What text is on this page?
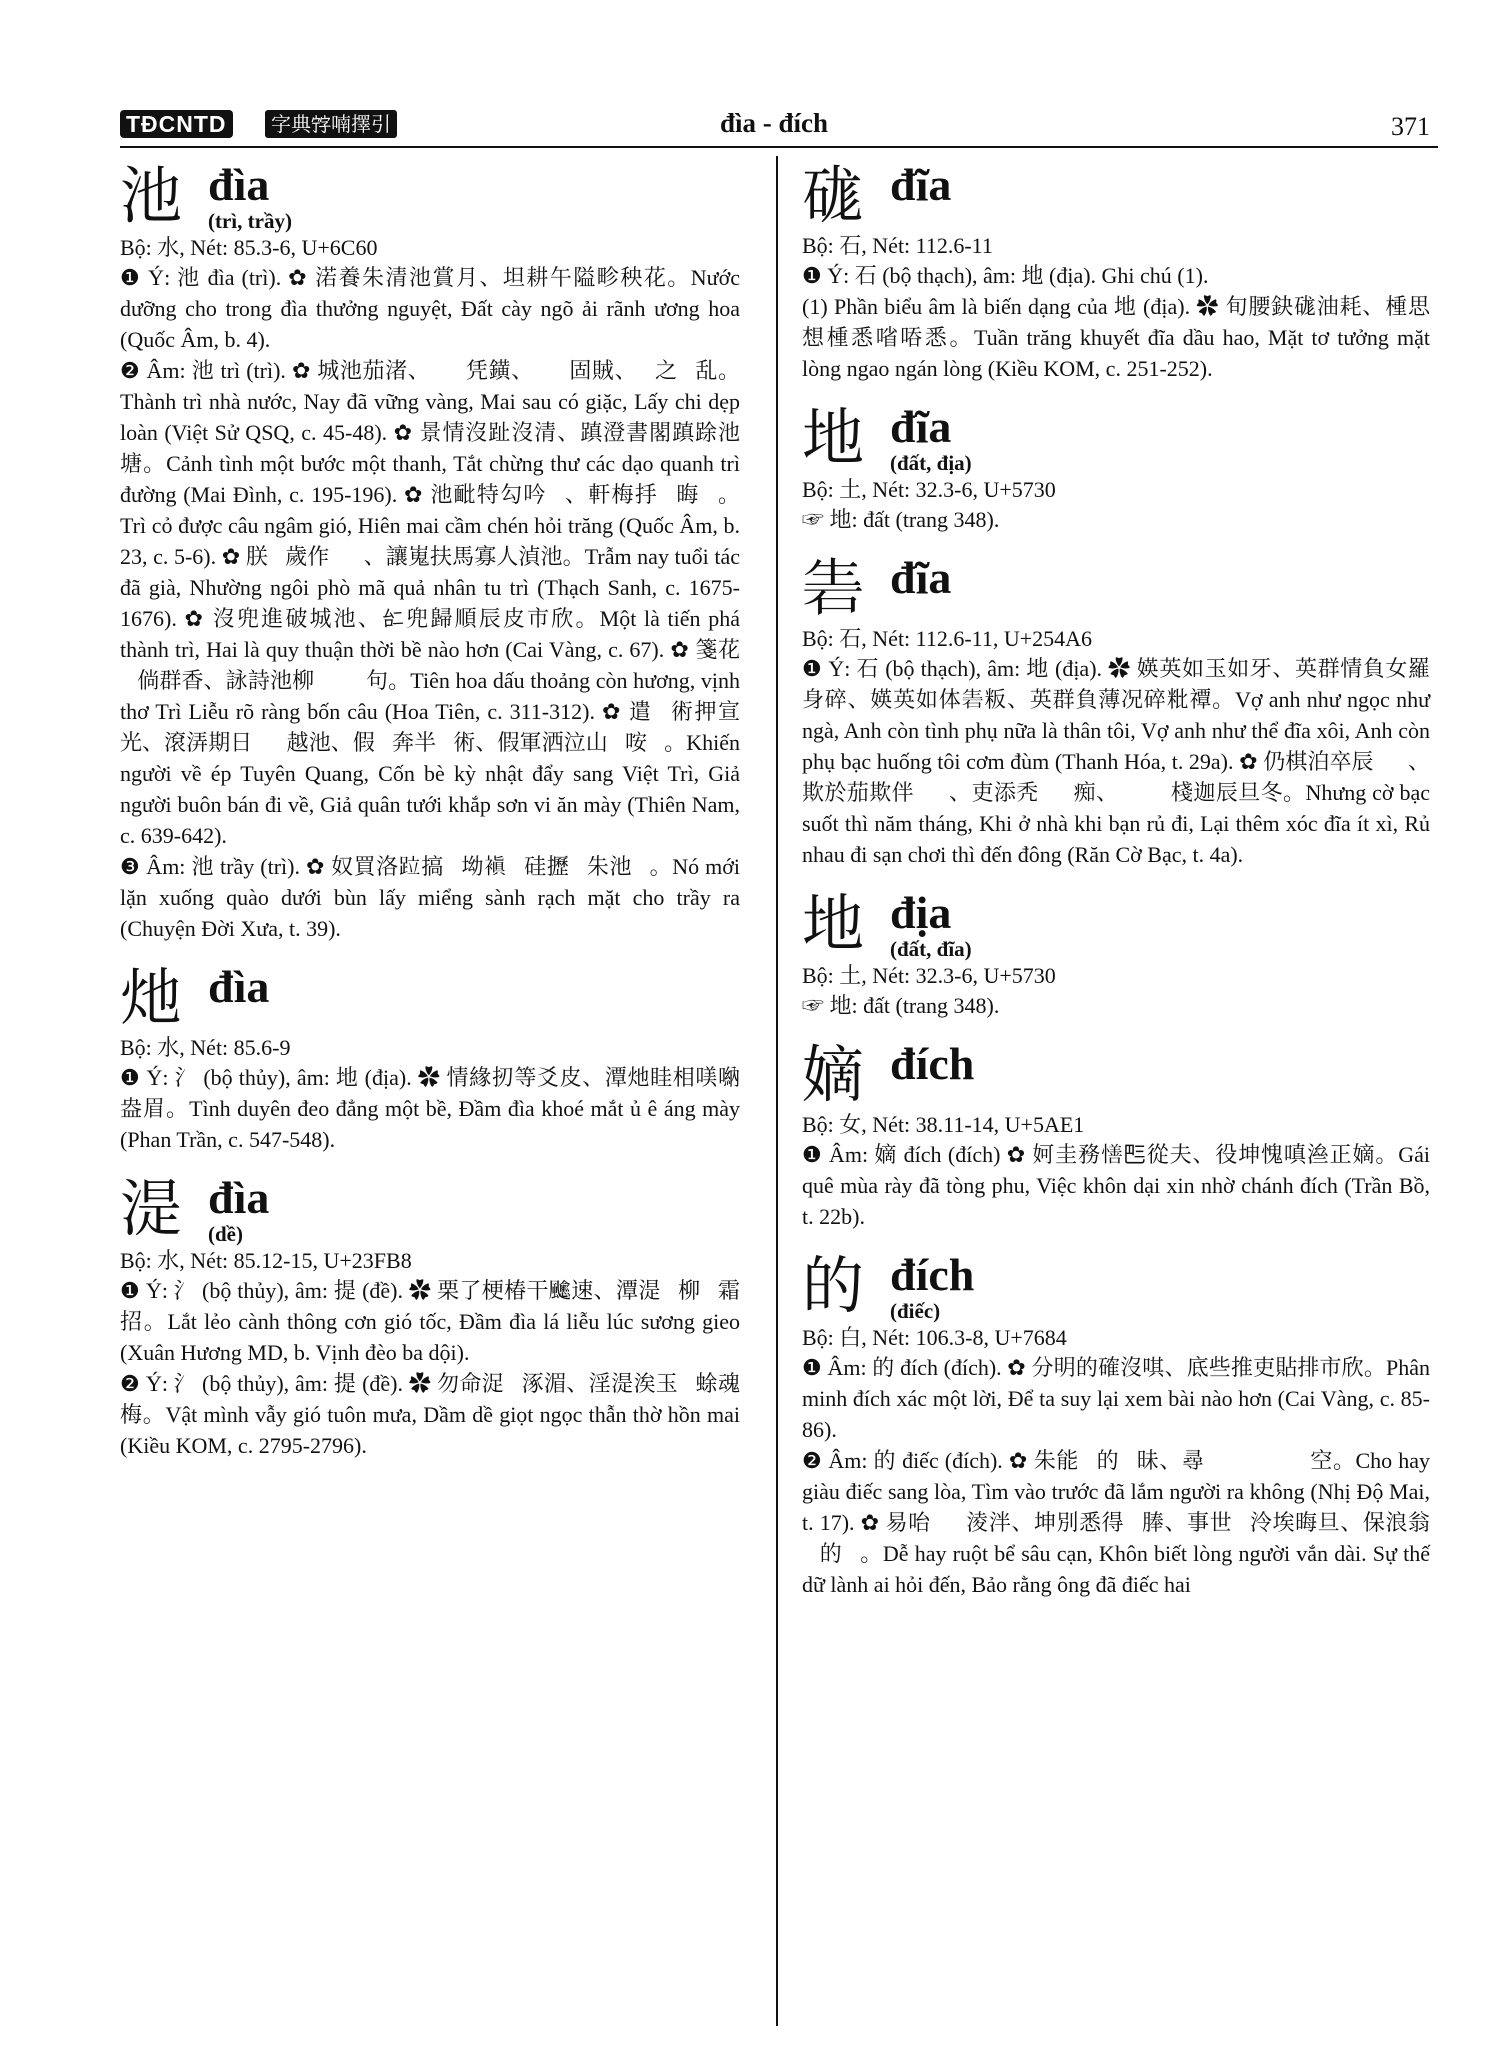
TĐCNTD	字典𡨸喃擇引	đìa - đích	371
池 đìa
(trì, trầy)
Bộ: 水, Nét: 85.3-6, U+6C60

❶ Ý: 池 đìa (trì). ✿ 渃養朱清池賞月、坦耕午隘畛秧花。Nước dưỡng cho trong đìa thưởng nguyệt, Đất cày ngõ ải rãnh ương hoa (Quốc Âm, b. 4).

❷ Âm: 池 trì (trì). ✿ 城池茄渚、𡓇𠀧凭鐄、𣈜𣈕固賊、𢭸之𢶢乱。Thành trì nhà nước, Nay đã vững vàng, Mai sau có giặc, Lấy chi dẹp loàn (Việt Sử QSQ, c. 45-48). ✿ 景情沒趾沒清、蹎澄書閣蹎䟻池塘。Cảnh tình một bước một thanh, Tắt chừng thư các dạo quanh trì đường (Mai Đình, c. 195-196). ✿ 池䩃特勾吟𩙌、軒梅抙𠺥晦𦜞。Trì cỏ được câu ngâm gió, Hiên mai cầm chén hỏi trăng (Quốc Âm, b. 23, c. 5-6). ✿ 朕𡓇歲作𠀧𦟐、讓嵬扶馬寡人湞池。Trẫm nay tuổi tác đã già, Nhường ngôi phò mã quả nhân tu trì (Thạch Sanh, c. 1675-1676). ✿ 沒兜進破城池、𠄩兜歸順辰皮市欣。Một là tiến phá thành trì, Hai là quy thuận thời bề nào hơn (Cai Vàng, c. 67). ✿ 箋花𤁕倘群香、詠詩池柳𤏣𡛔𠶋句。Tiên hoa dấu thoảng còn hương, vịnh thơ Trì Liễu rõ ràng bốn câu (Hoa Tiên, c. 311-312). ✿ 遣𨈒術押宣光、滾㳥期日𢹣𡗅越池、假𨈒奔半𢬣術、假軍洒泣山𡇞咹𠰘。Khiến người về ép Tuyên Quang, Cốn bè kỳ nhật đẩy sang Việt Trì, Giả người buôn bán đi về, Giả quân tưới khắp sơn vi ăn mày (Thiên Nam, c. 639-642).

❸ Âm: 池 trầy (trì). ✿ 奴買洛𨀎搞𡑝坳𧜖𥒥硅攊𣑶朱池𠸗。Nó mới lặn xuống quào dưới bùn lấy miểng sành rạch mặt cho trầy ra (Chuyện Đời Xưa, t. 39).

灺 đìa
Bộ: 水, Nét: 85.6-9

❶ Ý: 氵 (bộ thủy), âm: 地 (địa). ✿ 情緣扨等爻皮、潭灺眭相𠸍𠺶盎眉。Tình duyên đeo đẳng một bề, Đầm đìa khoé mắt ủ ê áng mày (Phan Trần, c. 547-548).

湜 đìa
(dề)
Bộ: 水, Nét: 85.12-15, U+23FB8

❶ Ý: 氵 (bộ thủy), âm: 提 (đề). ✿ 栗了梗椿干𩙍速、潭湜𦲿柳𣅶霜招。Lắt lẻo cành thông cơn gió tốc, Đầm đìa lá liễu lúc sương gieo (Xuân Hương MD, b. Vịnh đèo ba dội).

❷ Ý: 氵 (bộ thủy), âm: 提 (đề). ✿ 勿命浞𩂀涿湄、淫湜涘玉𥢆蜍魂梅。Vật mình vẫy gió tuôn mưa, Dầm dề giọt ngọc thẫn thờ hồn mai (Kiều KOM, c. 2795-2796).

硥 đĩa
Bộ: 石, Nét: 112.6-11

❶ Ý: 石 (bộ thạch), âm: 地 (địa). Ghi chú (1).

(1) Phần biểu âm là biến dạng của 地 (địa). ✿ 旬腰鈌硥油耗、㮔思想㮔悉㗂㖔悉。Tuần trăng khuyết đĩa dầu hao, Mặt tơ tưởng mặt lòng ngao ngán lòng (Kiều KOM, c. 251-252).

地 đĩa
(đất, địa)
Bộ: 土, Nét: 32.3-6, U+5730

☞ 地: đất (trang 348).

𥑦 đĩa
Bộ: 石, Nét: 112.6-11, U+254A6

❶ Ý: 石 (bộ thạch), âm: 地 (địa). ✿ 媖英如玉如牙、英群情負女羅身碎、媖英如体𥑦粄、英群負薄况碎粃禫。Vợ anh như ngọc như ngà, Anh còn tình phụ nữa là thân tôi, Vợ anh như thể đĩa xôi, Anh còn phụ bạc huống tôi cơm đùm (Thanh Hóa, t. 29a). ✿ 仍棋泊卒辰𦝄𦝄、欺於茄欺伴𠺵𢬣、吏添秃𥑦𠅎痴、𠺵𩟡𢬣棧迦辰旦冬。Nhưng cờ bạc suốt thì năm tháng, Khi ở nhà khi bạn rủ đi, Lại thêm xóc đĩa ít xì, Rủ nhau đi sạn chơi thì đến đông (Răn Cờ Bạc, t. 4a).

地 địa
(đất, đĩa)
Bộ: 土, Nét: 32.3-6, U+5730

☞ 地: đất (trang 348).

嫡 đích
Bộ: 女, Nét: 38.11-14, U+5AE1

❶ Âm: 嫡 đích (đích) ✿ 妸圭務𢢆𠀧從夫、役坤愧嗔㴉正嫡。Gái quê mùa rày đã tòng phu, Việc khôn dại xin nhờ chánh đích (Trần Bồ, t. 22b).

的 đích
(điếc)
Bộ: 白, Nét: 106.3-8, U+7684

❶ Âm: 的 đích (đích). ✿ 分明的確沒唭、底些推吏貼排市欣。Phân minh đích xác một lời, Để ta suy lại xem bài nào hơn (Cai Vàng, c. 85-86).

❷ Âm: 的 điếc (đích). ✿ 朱能𩛄的𣋁昧、尋𠬠𨈒𠀧𡗋𨈒𢪏空。Cho hay giàu điếc sang lòa, Tìm vào trước đã lắm người ra không (Nhị Độ Mai, t. 17). ✿ 易咍𦛌𣵰淩泮、坤別悉得𢴑䏾、事世𡚦泠埃晦旦、保浪翁𠀧的𠄩。Dễ hay ruột bể sâu cạn, Khôn biết lòng người vắn dài. Sự thế dữ lành ai hỏi đến, Bảo rằng ông đã điếc hai
